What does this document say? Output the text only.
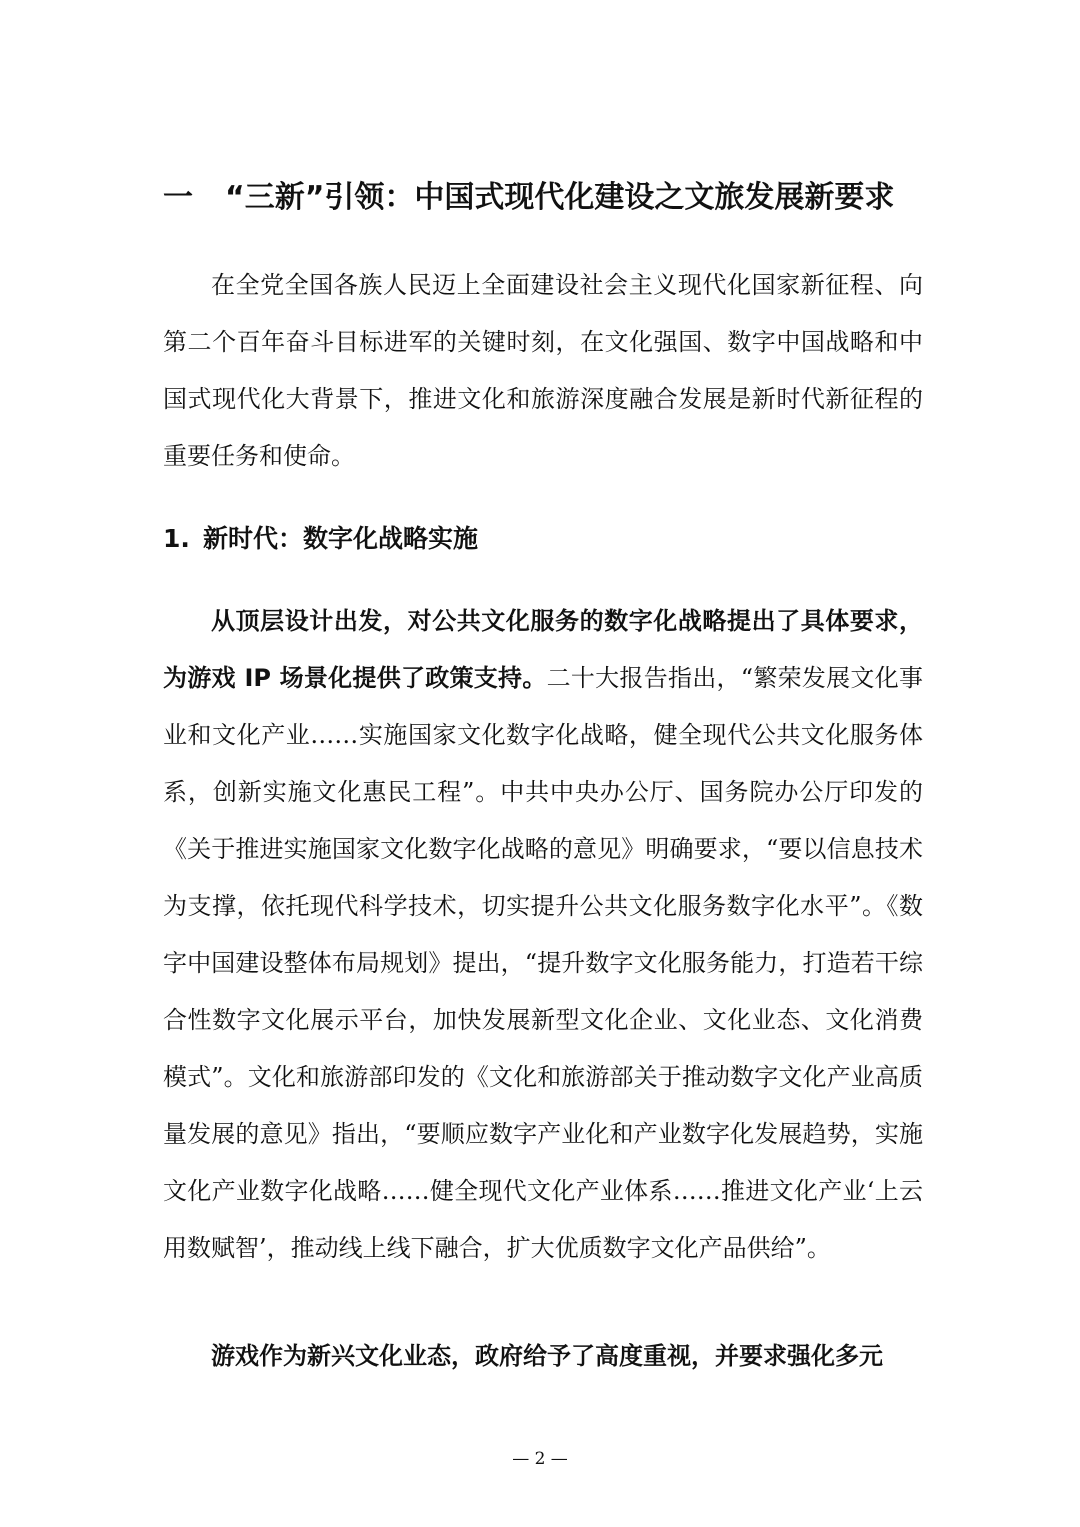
一 “三新”引领：中国式现代化建设之文旅发展新要求

在全党全国各族人民迈上全面建设社会主义现代化国家新征程、向第二个百年奋斗目标进军的关键时刻，在文化强国、数字中国战略和中国式现代化大背景下，推进文化和旅游深度融合发展是新时代新征程的重要任务和使命。

1. 新时代：数字化战略实施

从顶层设计出发，对公共文化服务的数字化战略提出了具体要求，为游戏 IP 场景化提供了政策支持。二十大报告指出，“繁荣发展文化事业和文化产业……实施国家文化数字化战略，健全现代公共文化服务体系，创新实施文化惠民工程”。中共中央办公厅、国务院办公厅印发的《关于推进实施国家文化数字化战略的意见》明确要求，“要以信息技术为支撑，依托现代科学技术，切实提升公共文化服务数字化水平”。《数字中国建设整体布局规划》提出，“提升数字文化服务能力，打造若干综合性数字文化展示平台，加快发展新型文化企业、文化业态、文化消费模式”。文化和旅游部印发的《文化和旅游部关于推动数字文化产业高质量发展的意见》指出，“要顺应数字产业化和产业数字化发展趋势，实施文化产业数字化战略……健全现代文化产业体系……推进文化产业‘上云用数赋智’，推动线上线下融合，扩大优质数字文化产品供给”。

游戏作为新兴文化业态，政府给予了高度重视，并要求强化多元

— 2 —
